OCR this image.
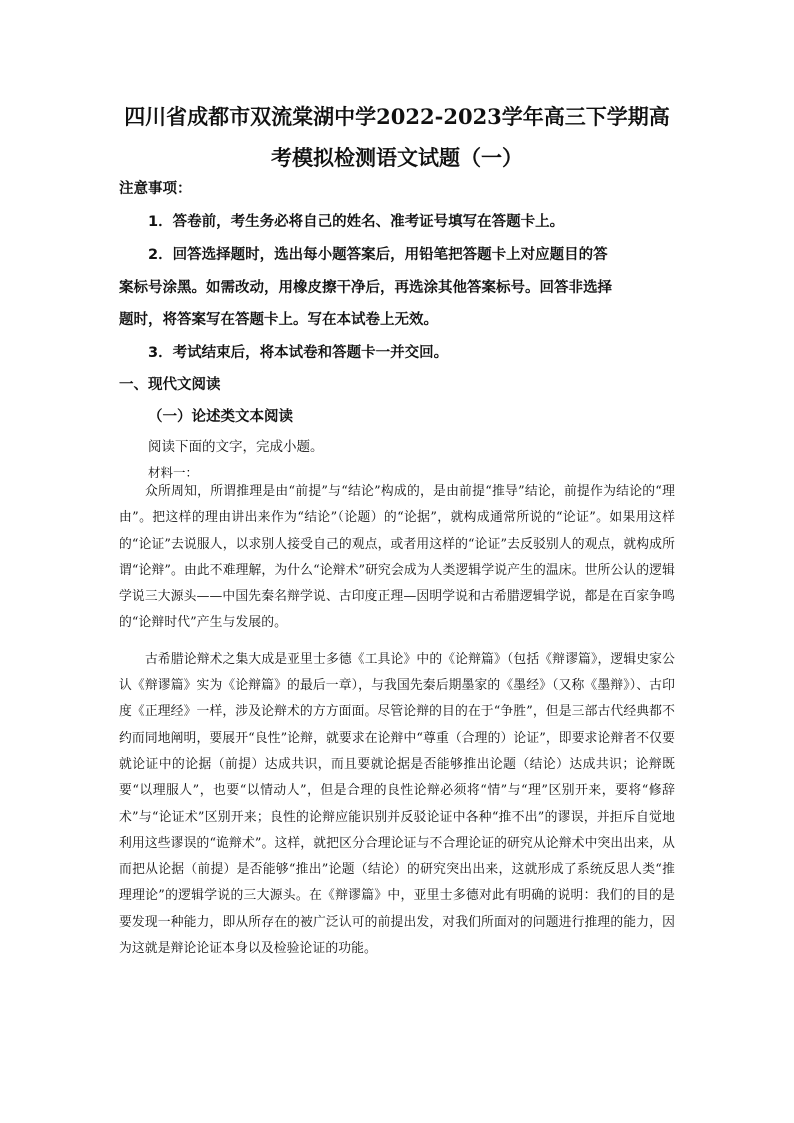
四川省成都市双流棠湖中学2022-2023学年高三下学期高
考模拟检测语文试题（一）
注意事项：
1．答卷前，考生务必将自己的姓名、准考证号填写在答题卡上。
2．回答选择题时，选出每小题答案后，用铅笔把答题卡上对应题目的答
案标号涂黑。如需改动，用橡皮擦干净后，再选涂其他答案标号。回答非选择
题时，将答案写在答题卡上。写在本试卷上无效。
3．考试结束后，将本试卷和答题卡一并交回。
一、现代文阅读
（一）论述类文本阅读
阅读下面的文字，完成小题。
材料一：

众所周知，所谓推理是由“前提”与“结论”构成的，是由前提“推导”结论，前提作为结论的“理由”。把这样的理由讲出来作为“结论”（论题）的“论据”，就构成通常所说的“论证”。如果用这样的“论证”去说服人，以求别人接受自己的观点，或者用这样的“论证”去反驳别人的观点，就构成所谓“论辩”。由此不难理解，为什么“论辩术”研究会成为人类逻辑学说产生的温床。世所公认的逻辑学说三大源头——中国先秦名辩学说、古印度正理—因明学说和古希腊逻辑学说，都是在百家争鸣的“论辩时代”产生与发展的。

古希腊论辩术之集大成是亚里士多德《工具论》中的《论辩篇》（包括《辩谬篇》，逻辑史家公认《辩谬篇》实为《论辩篇》的最后一章），与我国先秦后期墨家的《墨经》（又称《墨辩》）、古印度《正理经》一样，涉及论辩术的方方面面。尽管论辩的目的在于“争胜”，但是三部古代经典都不约而同地阐明，要展开“良性”论辩，就要求在论辩中“尊重（合理的）论证”，即要求论辩者不仅要就论证中的论据（前提）达成共识，而且要就论据是否能够推出论题（结论）达成共识；论辩既要“以理服人”，也要“以情动人”，但是合理的良性论辩必须将“情”与“理”区别开来，要将“修辞术”与“论证术”区别开来；良性的论辩应能识别并反驳论证中各种“推不出”的谬误，并拒斥自觉地利用这些谬误的“诡辩术”。这样，就把区分合理论证与不合理论证的研究从论辩术中突出出来，从而把从论据（前提）是否能够“推出”论题（结论）的研究突出出来，这就形成了系统反思人类“推理理论”的逻辑学说的三大源头。在《辩谬篇》中，亚里士多德对此有明确的说明：我们的目的是要发现一种能力，即从所存在的被广泛认可的前提出发，对我们所面对的问题进行推理的能力，因为这就是辩论论证本身以及检验论证的功能。
